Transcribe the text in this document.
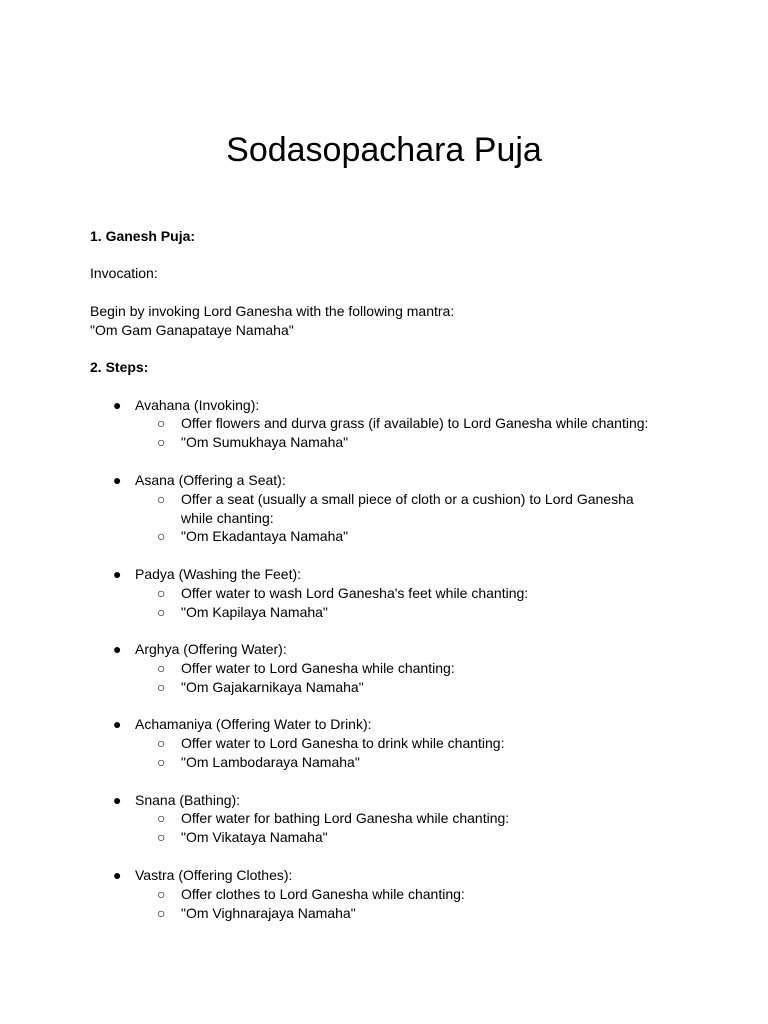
Sodasopachara Puja

1. Ganesh Puja:

Invocation:

Begin by invoking Lord Ganesha with the following mantra:

"Om Gam Ganapataye Namaha"

2. Steps:

● Avahana (Invoking):
○ Offer flowers and durva grass (if available) to Lord Ganesha while chanting:
○ "Om Sumukhaya Namaha"
● Asana (Offering a Seat):
○ Offer a seat (usually a small piece of cloth or a cushion) to Lord Ganesha while chanting:
○ "Om Ekadantaya Namaha"
● Padya (Washing the Feet):
○ Offer water to wash Lord Ganesha's feet while chanting:
○ "Om Kapilaya Namaha"
● Arghya (Offering Water):
○ Offer water to Lord Ganesha while chanting:
○ "Om Gajakarnikaya Namaha"
● Achamaniya (Offering Water to Drink):
○ Offer water to Lord Ganesha to drink while chanting:
○ "Om Lambodaraya Namaha"
● Snana (Bathing):
○ Offer water for bathing Lord Ganesha while chanting:
○ "Om Vikataya Namaha"
● Vastra (Offering Clothes):
○ Offer clothes to Lord Ganesha while chanting:
○ "Om Vighnarajaya Namaha"
